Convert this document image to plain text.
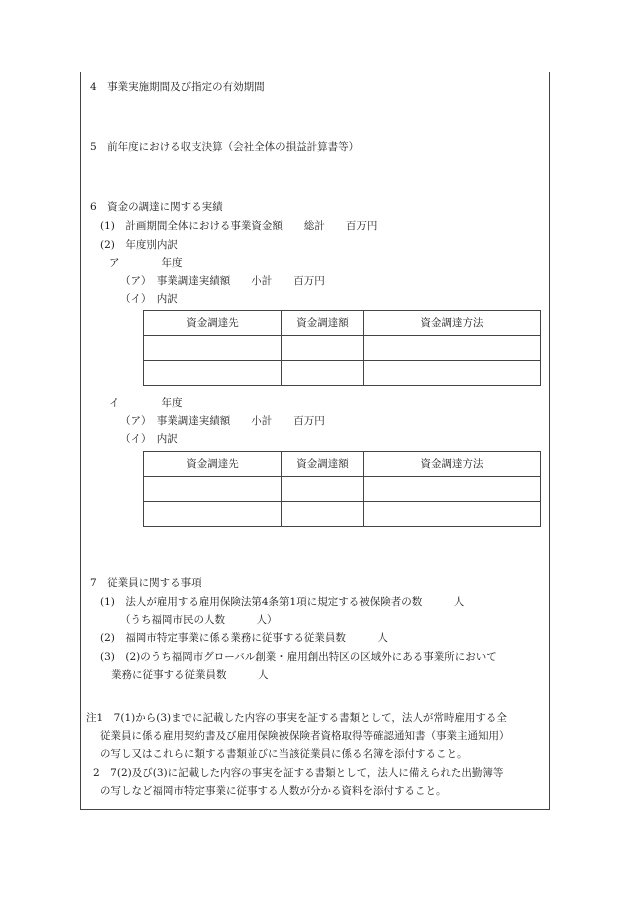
4　事業実施期間及び指定の有効期間
5　前年度における収支決算（会社全体の損益計算書等）
6　資金の調達に関する実績
(1)　計画期間全体における事業資金額　　総計　　百万円
(2)　年度別内訳
ア　　　　年度
（ア）　事業調達実績額　　小計　　百万円
（イ）　内訳
資金調達先	資金調達額	資金調達方法

イ　　　　年度
（ア）　事業調達実績額　　小計　　百万円
（イ）　内訳
資金調達先	資金調達額	資金調達方法

7　従業員に関する事項
(1)　法人が雇用する雇用保険法第4条第1項に規定する被保険者の数　　　人
（うち福岡市民の人数　　　人）
(2)　福岡市特定事業に係る業務に従事する従業員数　　　人
(3)　(2)のうち福岡市グローバル創業・雇用創出特区の区域外にある事業所において
業務に従事する従業員数　　　人
注1　7(1)から(3)までに記載した内容の事実を証する書類として，法人が常時雇用する全
従業員に係る雇用契約書及び雇用保険被保険者資格取得等確認通知書（事業主通知用）
の写し又はこれらに類する書類並びに当該従業員に係る名簿を添付すること。
2　7(2)及び(3)に記載した内容の事実を証する書類として，法人に備えられた出勤簿等
の写しなど福岡市特定事業に従事する人数が分かる資料を添付すること。
